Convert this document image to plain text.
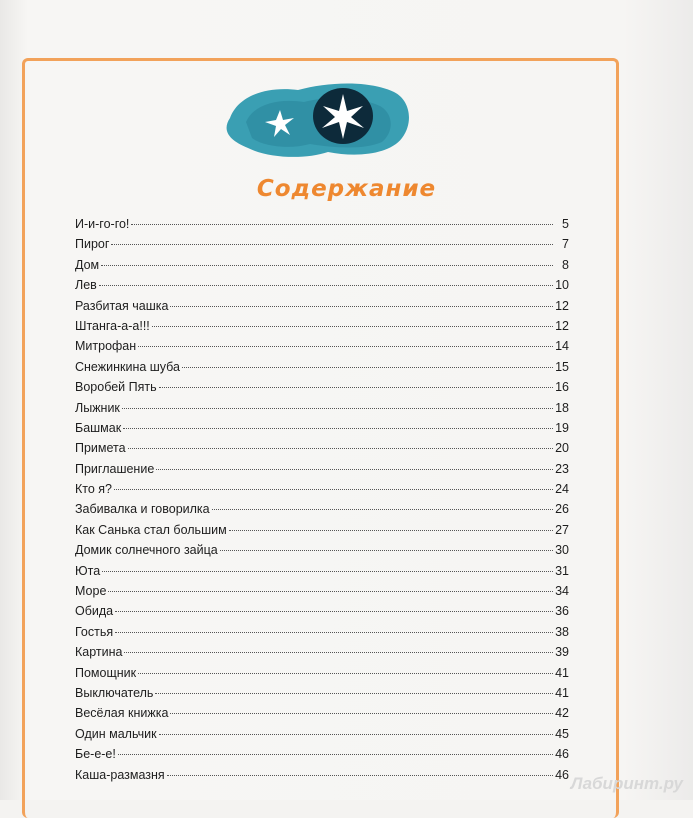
Содержание
И-и-го-го!	5
Пирог	7
Дом	8
Лев	10
Разбитая чашка	12
Штанга-а-а!!!	12
Митрофан	14
Снежинкина шуба	15
Воробей Пять	16
Лыжник	18
Башмак	19
Примета	20
Приглашение	23
Кто я?	24
Забивалка и говорилка	26
Как Санька стал большим	27
Домик солнечного зайца	30
Юта	31
Море	34
Обида	36
Гостья	38
Картина	39
Помощник	41
Выключатель	41
Весёлая книжка	42
Один мальчик	45
Бе-е-е!	46
Каша-размазня	46 Лабиринт.ру
